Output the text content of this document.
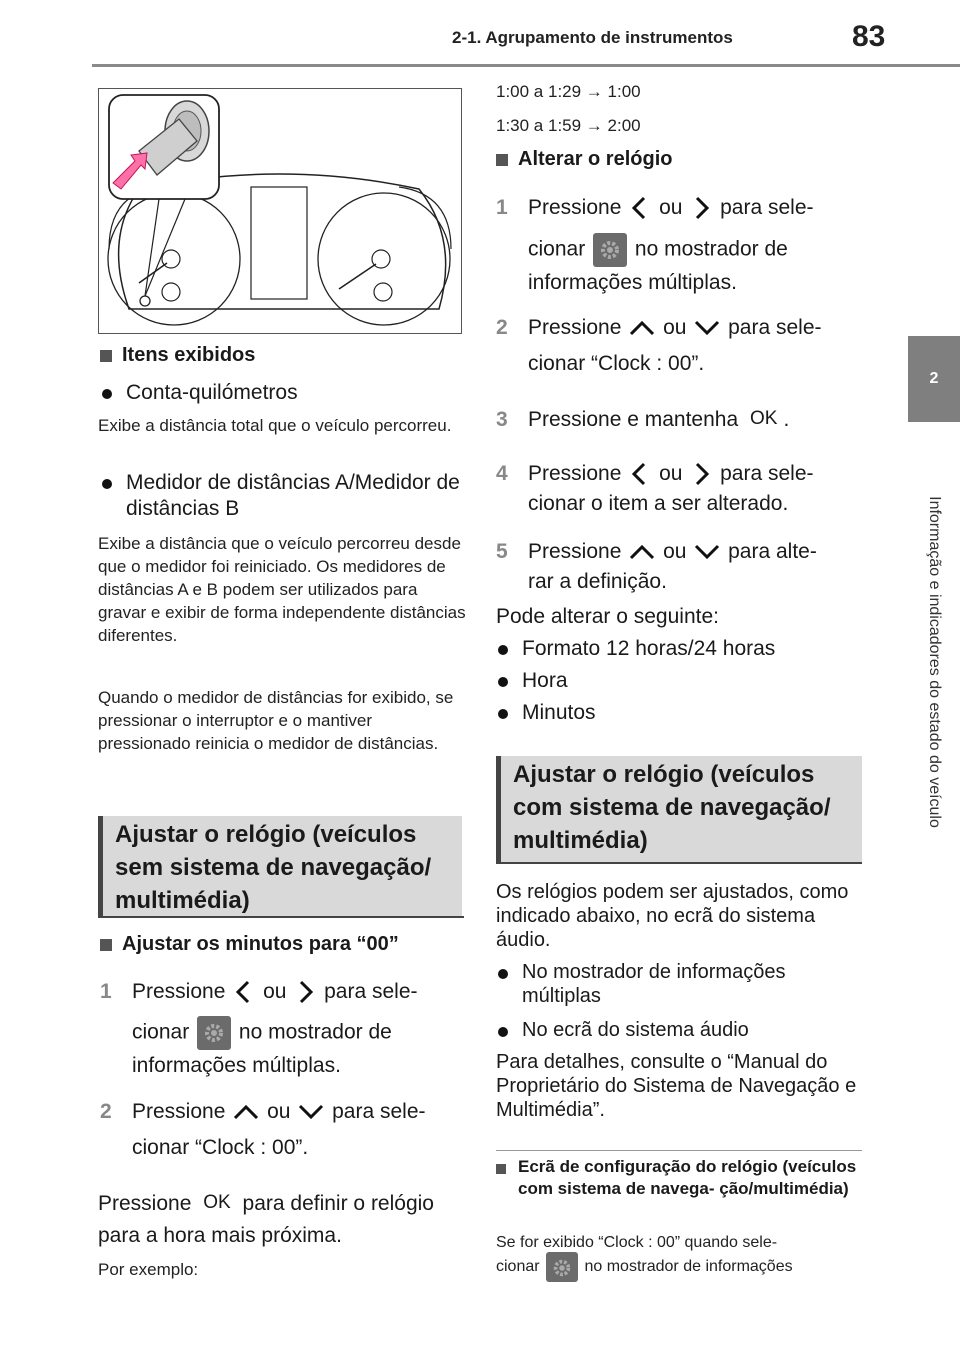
2-1. Agrupamento de instrumentos	83
2
Informação e indicadores do estado do veículo
Itens exibidos
Conta-quilómetros
Exibe a distância total que o veículo percorreu.
Medidor de distâncias A/Medidor de distâncias B
Exibe a distância que o veículo percorreu desde que o medidor foi reiniciado. Os medidores de distâncias A e B podem ser utilizados para gravar e exibir de forma independente distâncias diferentes.
Quando o medidor de distâncias for exibido, se pressionar o interruptor e o mantiver pressionado reinicia o medidor de distâncias.
Ajustar o relógio (veículos sem sistema de navegação/ multimédia)
Ajustar os minutos para “00”
1 Pressione ou para sele-
cionar no mostrador de informações múltiplas.
2 Pressione ou para sele-
cionar “Clock : 00”.
Pressione OK para definir o relógio para a hora mais próxima.
Por exemplo:
1:00 a 1:29 → 1:00
1:30 a 1:59 → 2:00
Alterar o relógio
1 Pressione ou para sele-
cionar no mostrador de informações múltiplas.
2 Pressione ou para sele-
cionar “Clock : 00”.
3 Pressione e mantenha OK .
4 Pressione ou para sele-
cionar o item a ser alterado.
5 Pressione ou para alte-
rar a definição.
Pode alterar o seguinte:
Formato 12 horas/24 horas
Hora
Minutos
Ajustar o relógio (veículos com sistema de navegação/ multimédia)
Os relógios podem ser ajustados, como indicado abaixo, no ecrã do sistema áudio.
No mostrador de informações múltiplas
No ecrã do sistema áudio
Para detalhes, consulte o “Manual do Proprietário do Sistema de Navegação e Multimédia”.
Ecrã de configuração do relógio (veículos com sistema de navega- ção/multimédia)
Se for exibido “Clock : 00” quando sele-
cionar	no mostrador de informações
